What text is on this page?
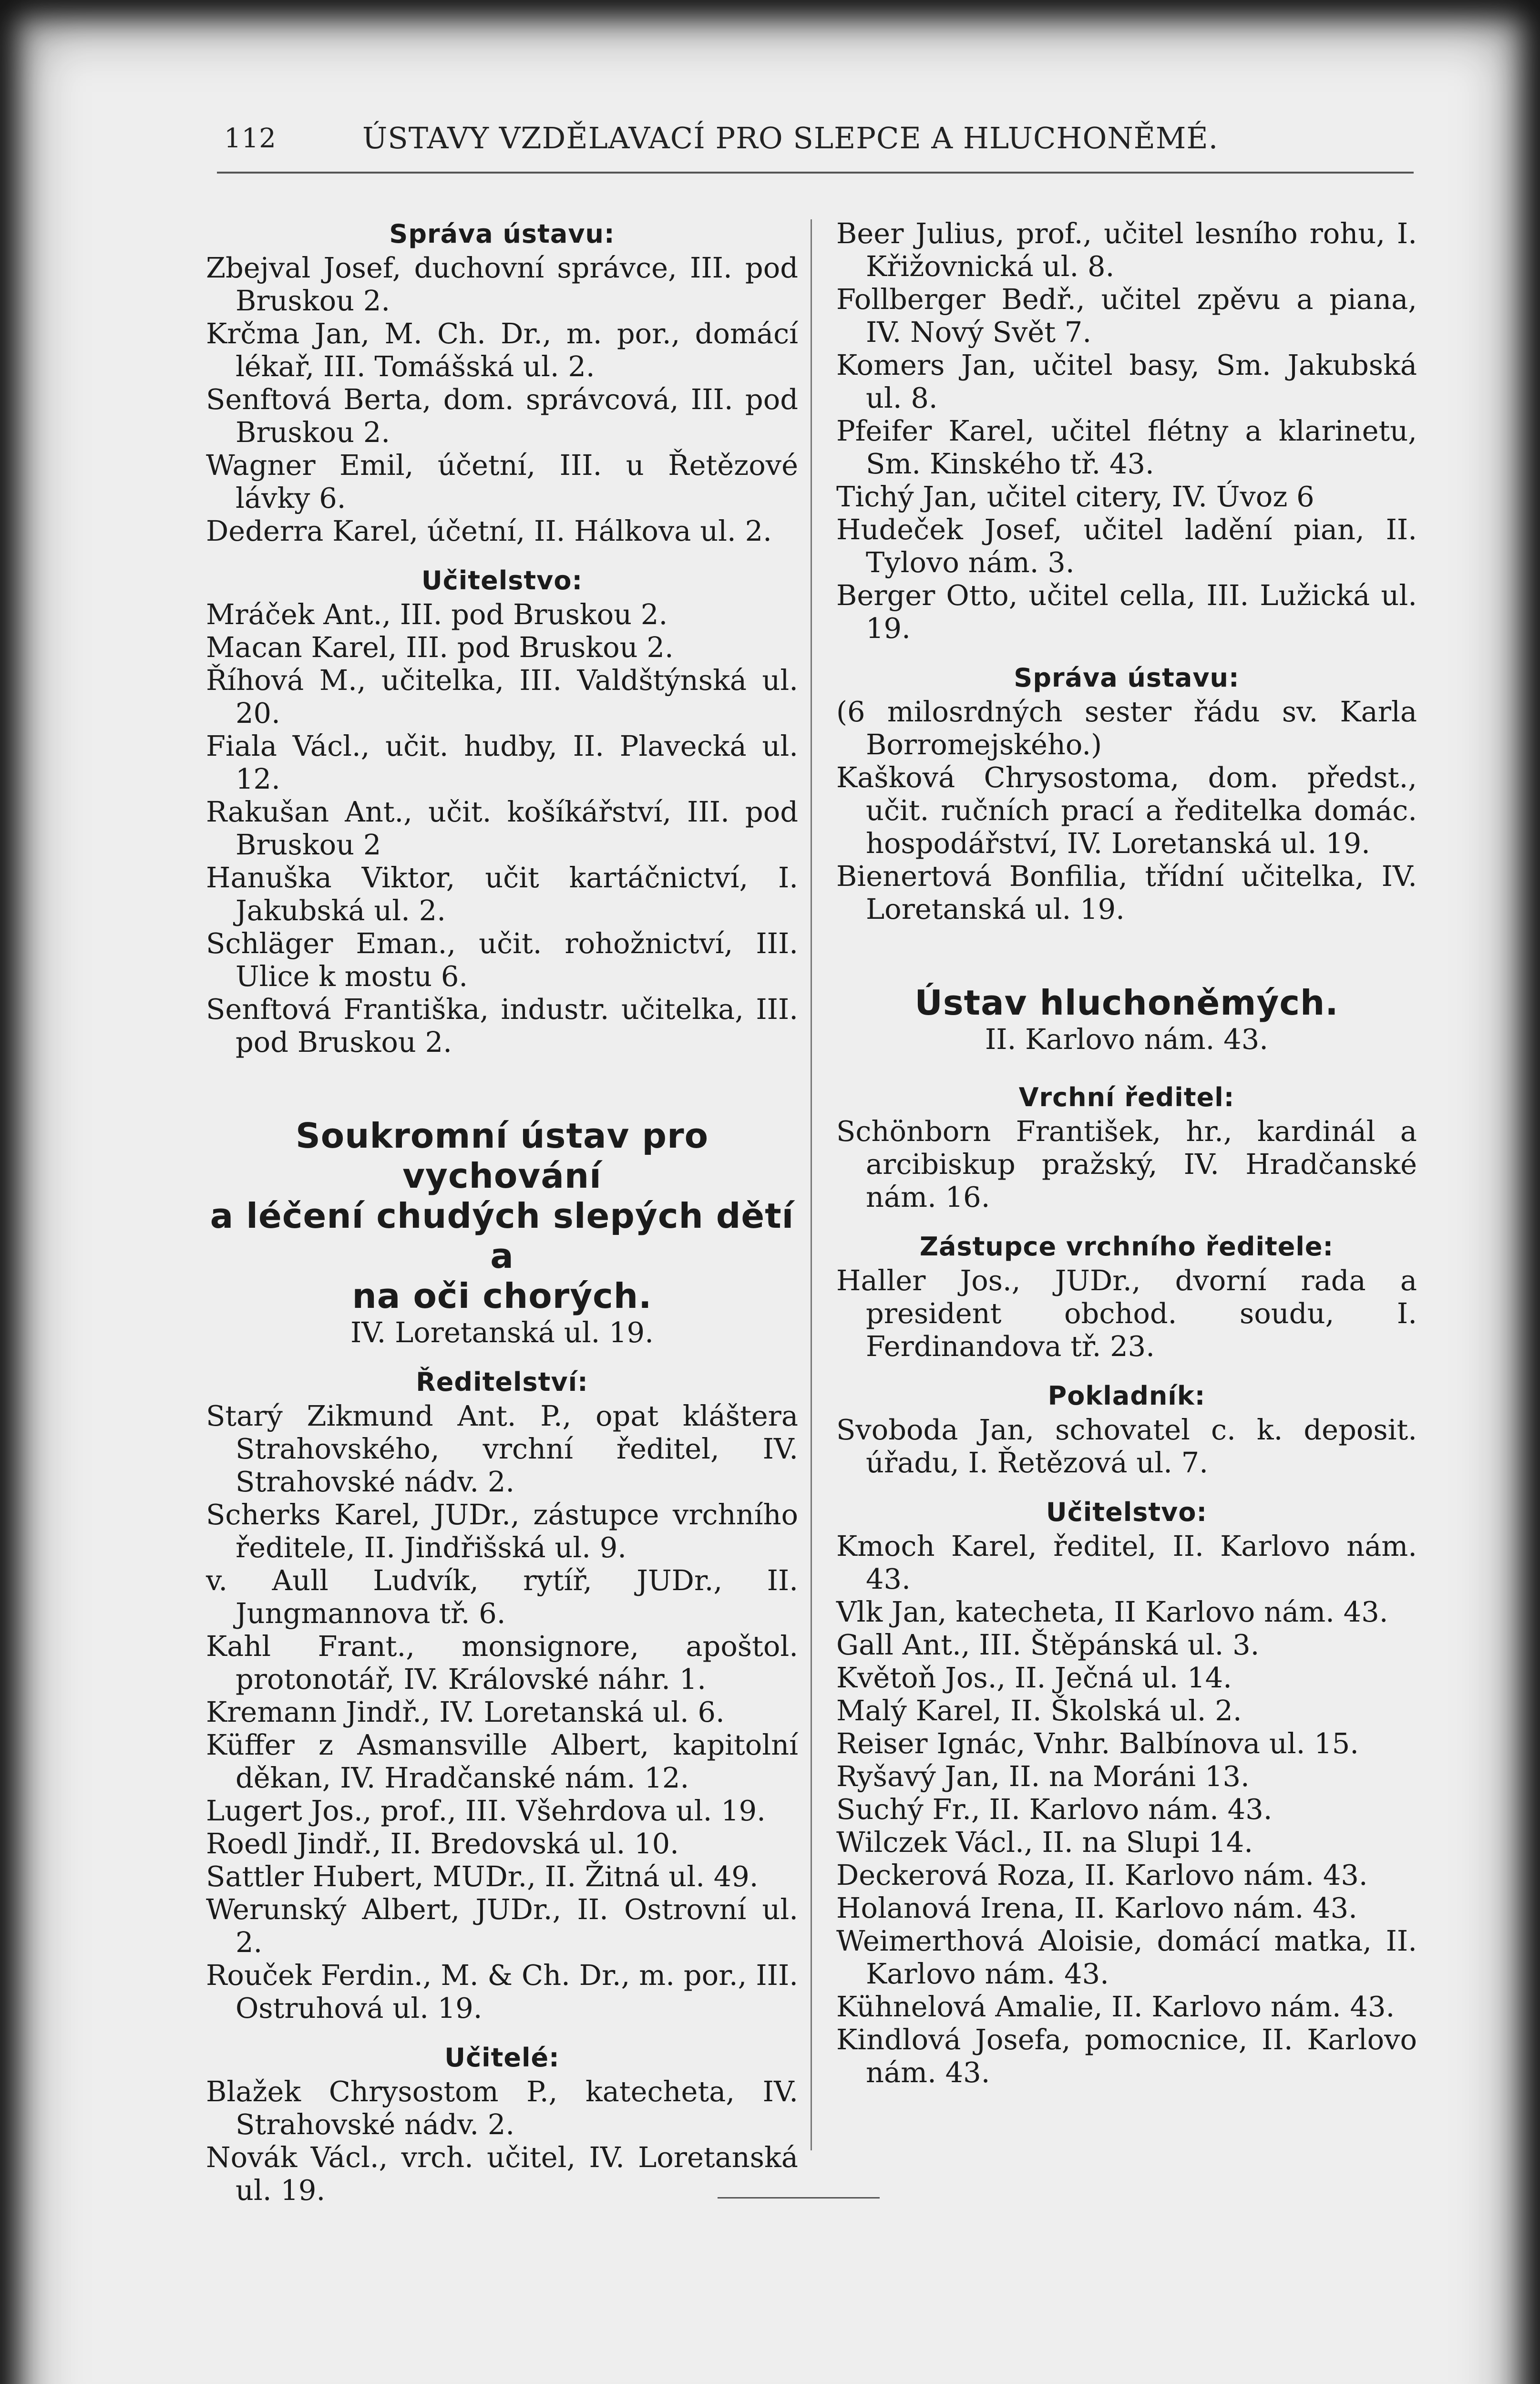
112	ÚSTAVY VZDĚLAVACÍ PRO SLEPCE A HLUCHONĚMÉ.
Správa ústavu:
Zbejval Josef, duchovní správce, III. pod Bruskou 2.
Krčma Jan, M. Ch. Dr., m. por., domácí lékař, III. Tomášská ul. 2.
Senftová Berta, dom. správcová, III. pod Bruskou 2.
Wagner Emil, účetní, III. u Řetězové lávky 6.
Dederra Karel, účetní, II. Hálkova ul. 2.
Učitelstvo:
Mráček Ant., III. pod Bruskou 2.
Macan Karel, III. pod Bruskou 2.
Říhová M., učitelka, III. Valdštýnská ul. 20.
Fiala Václ., učit. hudby, II. Plavecká ul. 12.
Rakušan Ant., učit. košíkářství, III. pod Bruskou 2
Hanuška Viktor, učit kartáčnictví, I. Jakubská ul. 2.
Schläger Eman., učit. rohožnictví, III. Ulice k mostu 6.
Senftová Františka, industr. učitelka, III. pod Bruskou 2.
Soukromní ústav pro vychování
a léčení chudých slepých dětí a
na oči chorých.
IV. Loretanská ul. 19.
Ředitelství:
Starý Zikmund Ant. P., opat kláštera Strahovského, vrchní ředitel, IV. Strahovské nádv. 2.
Scherks Karel, JUDr., zástupce vrchního ředitele, II. Jindřišská ul. 9.
v. Aull Ludvík, rytíř, JUDr., II. Jungmannova tř. 6.
Kahl Frant., monsignore, apoštol. protonotář, IV. Královské náhr. 1.
Kremann Jindř., IV. Loretanská ul. 6.
Küffer z Asmansville Albert, kapitolní děkan, IV. Hradčanské nám. 12.
Lugert Jos., prof., III. Všehrdova ul. 19.
Roedl Jindř., II. Bredovská ul. 10.
Sattler Hubert, MUDr., II. Žitná ul. 49.
Werunský Albert, JUDr., II. Ostrovní ul. 2.
Rouček Ferdin., M. & Ch. Dr., m. por., III. Ostruhová ul. 19.
Učitelé:
Blažek Chrysostom P., katecheta, IV. Strahovské nádv. 2.
Novák Václ., vrch. učitel, IV. Loretanská ul. 19.
Beer Julius, prof., učitel lesního rohu, I. Křižovnická ul. 8.
Follberger Bedř., učitel zpěvu a piana, IV. Nový Svět 7.
Komers Jan, učitel basy, Sm. Jakubská ul. 8.
Pfeifer Karel, učitel flétny a klarinetu, Sm. Kinského tř. 43.
Tichý Jan, učitel citery, IV. Úvoz 6
Hudeček Josef, učitel ladění pian, II. Tylovo nám. 3.
Berger Otto, učitel cella, III. Lužická ul. 19.
Správa ústavu:
(6 milosrdných sester řádu sv. Karla Borromejského.)
Kašková Chrysostoma, dom. předst., učit. ručních prací a ředitelka domác. hospodářství, IV. Loretanská ul. 19.
Bienertová Bonfilia, třídní učitelka, IV. Loretanská ul. 19.
Ústav hluchoněmých.
II. Karlovo nám. 43.
Vrchní ředitel:
Schönborn František, hr., kardinál a arcibiskup pražský, IV. Hradčanské nám. 16.
Zástupce vrchního ředitele:
Haller Jos., JUDr., dvorní rada a president obchod. soudu, I. Ferdinandova tř. 23.
Pokladník:
Svoboda Jan, schovatel c. k. deposit. úřadu, I. Řetězová ul. 7.
Učitelstvo:
Kmoch Karel, ředitel, II. Karlovo nám. 43.
Vlk Jan, katecheta, II Karlovo nám. 43.
Gall Ant., III. Štěpánská ul. 3.
Květoň Jos., II. Ječná ul. 14.
Malý Karel, II. Školská ul. 2.
Reiser Ignác, Vnhr. Balbínova ul. 15.
Ryšavý Jan, II. na Moráni 13.
Suchý Fr., II. Karlovo nám. 43.
Wilczek Václ., II. na Slupi 14.
Deckerová Roza, II. Karlovo nám. 43.
Holanová Irena, II. Karlovo nám. 43.
Weimerthová Aloisie, domácí matka, II. Karlovo nám. 43.
Kühnelová Amalie, II. Karlovo nám. 43.
Kindlová Josefa, pomocnice, II. Karlovo nám. 43.
